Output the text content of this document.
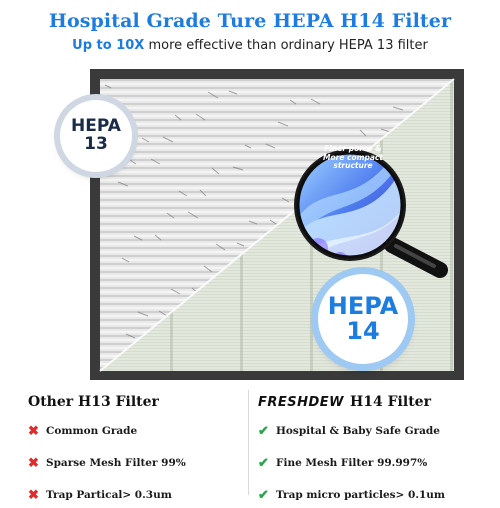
Hospital Grade Ture HEPA H14 Filter
Up to 10X more effective than ordinary HEPA 13 filter
Finer pores & More compact structure
HEPA
13
HEPA
14
Other H13 Filter
✖ Common Grade
✖ Sparse Mesh Filter 99%
✖ Trap Partical> 0.3um
FRESHDEW H14 Filter
✔ Hospital & Baby Safe Grade
✔ Fine Mesh Filter 99.997%
✔ Trap micro particles> 0.1um
